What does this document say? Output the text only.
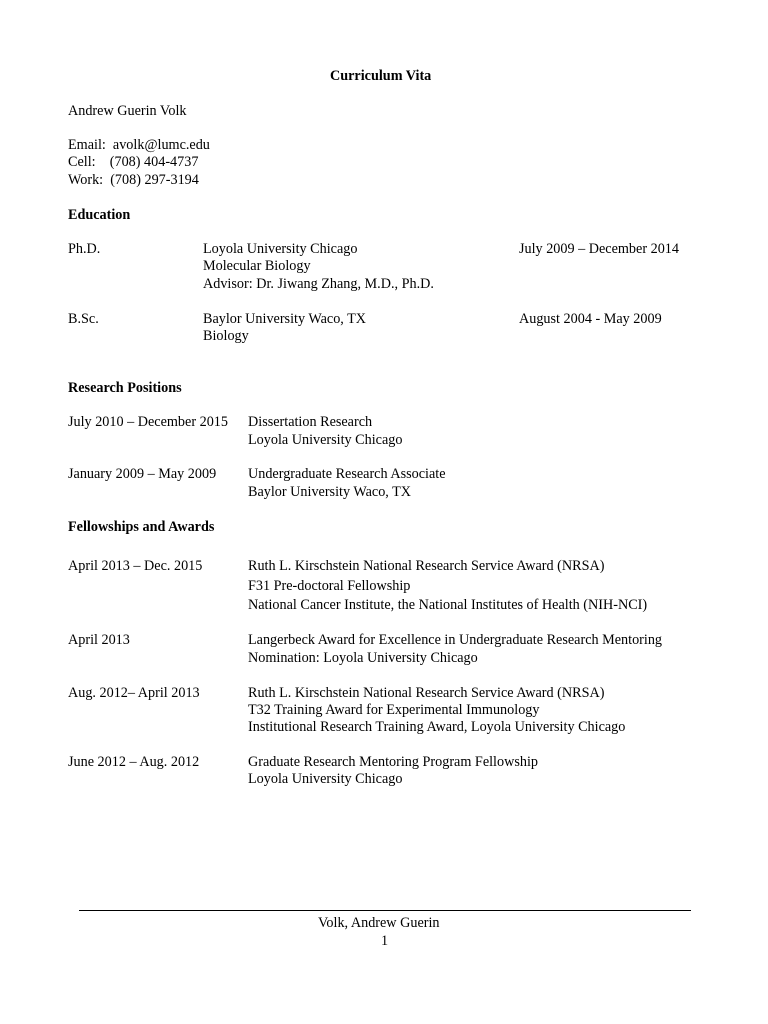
Curriculum Vita
Andrew Guerin Volk
Email:  avolk@lumc.edu
Cell:    (708) 404-4737
Work:  (708) 297-3194
Education
Ph.D.	Loyola University Chicago
Molecular Biology
Advisor: Dr. Jiwang Zhang, M.D., Ph.D.
July 2009 – December 2014
B.Sc.	Baylor University Waco, TX
Biology
August 2004 - May 2009
Research Positions
July 2010 – December 2015 Dissertation Research
Loyola University Chicago
January 2009 – May 2009 Undergraduate Research Associate
Baylor University Waco, TX
Fellowships and Awards
April 2013 – Dec. 2015	Ruth L. Kirschstein National Research Service Award (NRSA)
F31 Pre-doctoral Fellowship
National Cancer Institute, the National Institutes of Health (NIH-NCI)
April 2013	Langerbeck Award for Excellence in Undergraduate Research Mentoring
Nomination: Loyola University Chicago
Aug. 2012– April 2013	Ruth L. Kirschstein National Research Service Award (NRSA)
T32 Training Award for Experimental Immunology
Institutional Research Training Award, Loyola University Chicago
June 2012 – Aug. 2012	Graduate Research Mentoring Program Fellowship
Loyola University Chicago
Volk, Andrew Guerin
1
